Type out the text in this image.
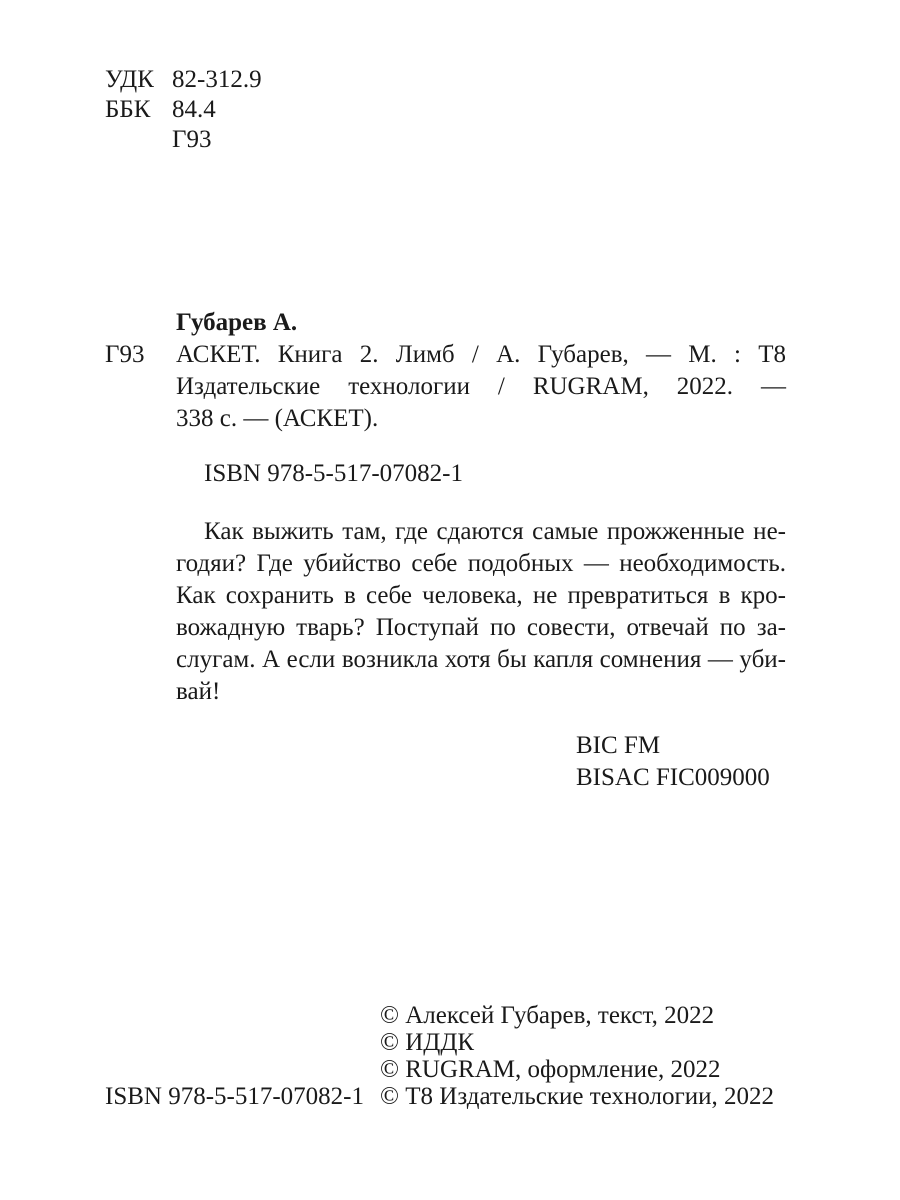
УДК 82-312.9
ББК 84.4
Г93
Губарев А.
Г93 АСКЕТ. Книга 2. Лимб / А. Губарев, — М. : Т8
Издательские технологии / RUGRAM, 2022. —
338 с. — (АСКЕТ).
ISBN 978-5-517-07082-1
Как выжить там, где сдаются самые прожженные не-
годяи? Где убийство себе подобных — необходимость.
Как сохранить в себе человека, не превратиться в кро-
вожадную тварь? Поступай по совести, отвечай по за-
слугам. А если возникла хотя бы капля сомнения — уби-
вай!
BIC FM
BISAC FIC009000
© Алексей Губарев, текст, 2022
© ИДДК
© RUGRAM, оформление, 2022
ISBN 978-5-517-07082-1 © Т8 Издательские технологии, 2022
